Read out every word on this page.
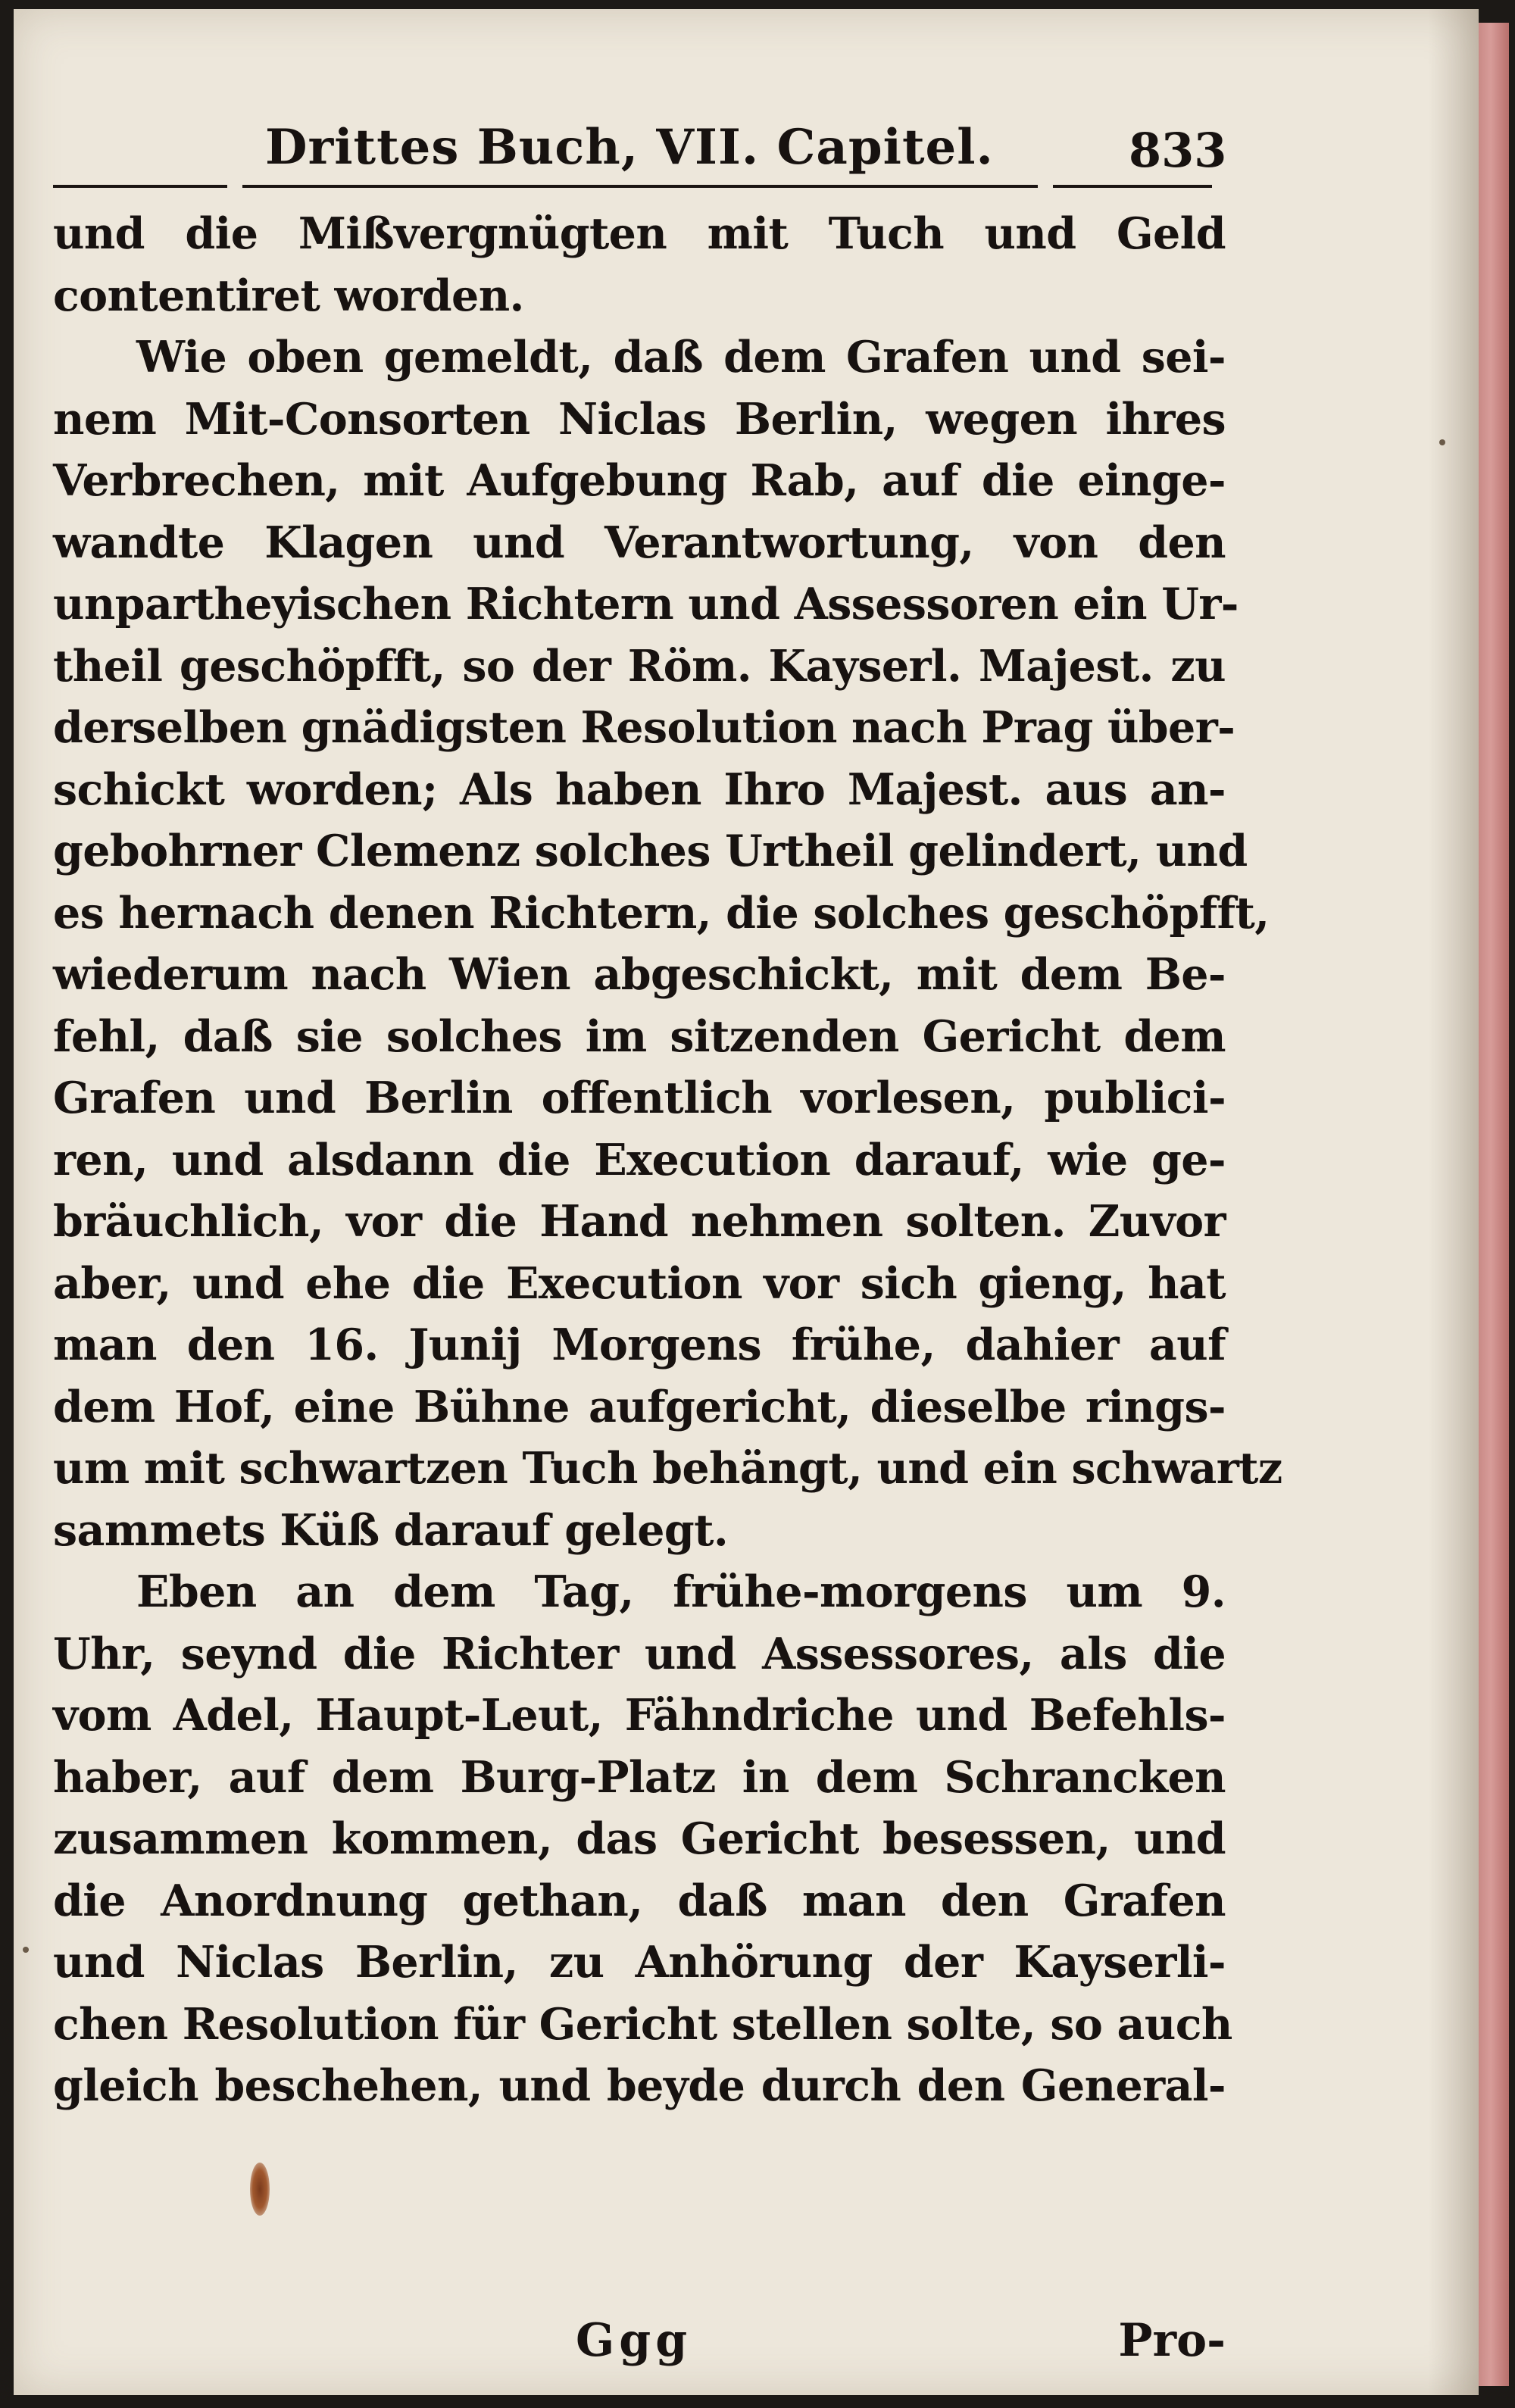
Drittes Buch, VII. Capitel.	833
und die Mißvergnügten mit Tuch und Geld
contentiret worden.
Wie oben gemeldt, daß dem Grafen und sei-
nem Mit-Consorten Niclas Berlin, wegen ihres
Verbrechen, mit Aufgebung Rab, auf die einge-
wandte Klagen und Verantwortung, von den
unpartheyischen Richtern und Assessoren ein Ur-
theil geschöpfft, so der Röm. Kayserl. Majest. zu
derselben gnädigsten Resolution nach Prag über-
schickt worden; Als haben Ihro Majest. aus an-
gebohrner Clemenz solches Urtheil gelindert, und
es hernach denen Richtern, die solches geschöpfft,
wiederum nach Wien abgeschickt, mit dem Be-
fehl, daß sie solches im sitzenden Gericht dem
Grafen und Berlin offentlich vorlesen, publici-
ren, und alsdann die Execution darauf, wie ge-
bräuchlich, vor die Hand nehmen solten. Zuvor
aber, und ehe die Execution vor sich gieng, hat
man den 16. Junij Morgens frühe, dahier auf
dem Hof, eine Bühne aufgericht, dieselbe rings-
um mit schwartzen Tuch behängt, und ein schwartz
sammets Küß darauf gelegt.
Eben an dem Tag, frühe-morgens um 9.
Uhr, seynd die Richter und Assessores, als die
vom Adel, Haupt-Leut, Fähndriche und Befehls-
haber, auf dem Burg-Platz in dem Schrancken
zusammen kommen, das Gericht besessen, und
die Anordnung gethan, daß man den Grafen
und Niclas Berlin, zu Anhörung der Kayserli-
chen Resolution für Gericht stellen solte, so auch
gleich beschehen, und beyde durch den General-
Ggg	Pro-
